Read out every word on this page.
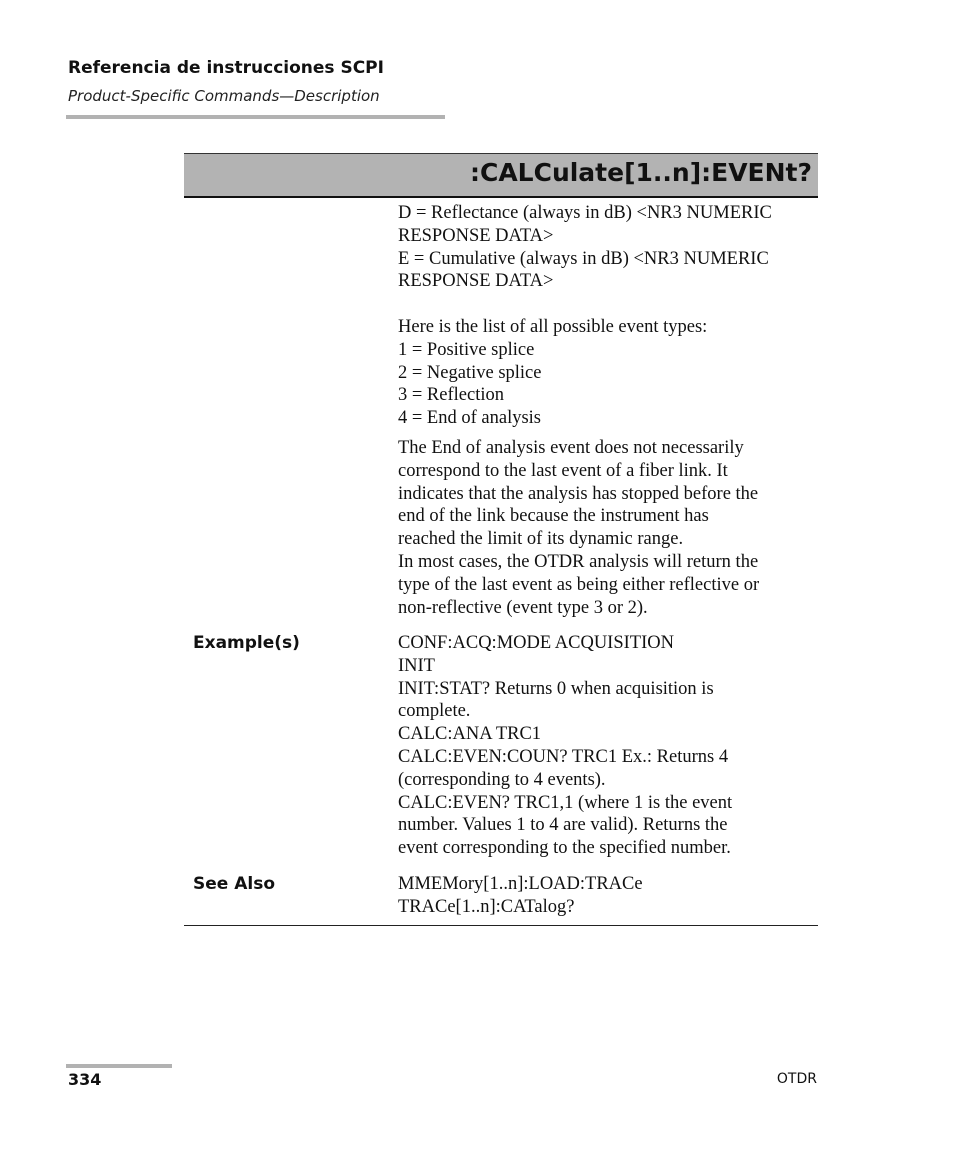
Referencia de instrucciones SCPI
Product-Specific Commands—Description
:CALCulate[1..n]:EVENt?
D = Reflectance (always in dB) <NR3 NUMERIC
RESPONSE DATA>
E = Cumulative (always in dB) <NR3 NUMERIC
RESPONSE DATA>
Here is the list of all possible event types:
1 = Positive splice
2 = Negative splice
3 = Reflection
4 = End of analysis
The End of analysis event does not necessarily
correspond to the last event of a fiber link. It
indicates that the analysis has stopped before the
end of the link because the instrument has
reached the limit of its dynamic range.
In most cases, the OTDR analysis will return the
type of the last event as being either reflective or
non-reflective (event type 3 or 2).
Example(s)	CONF:ACQ:MODE ACQUISITION
INIT
INIT:STAT? Returns 0 when acquisition is
complete.
CALC:ANA TRC1
CALC:EVEN:COUN? TRC1 Ex.: Returns 4
(corresponding to 4 events).
CALC:EVEN? TRC1,1 (where 1 is the event
number. Values 1 to 4 are valid). Returns the
event corresponding to the specified number.
See Also	MMEMory[1..n]:LOAD:TRACe
TRACe[1..n]:CATalog?
334	OTDR
